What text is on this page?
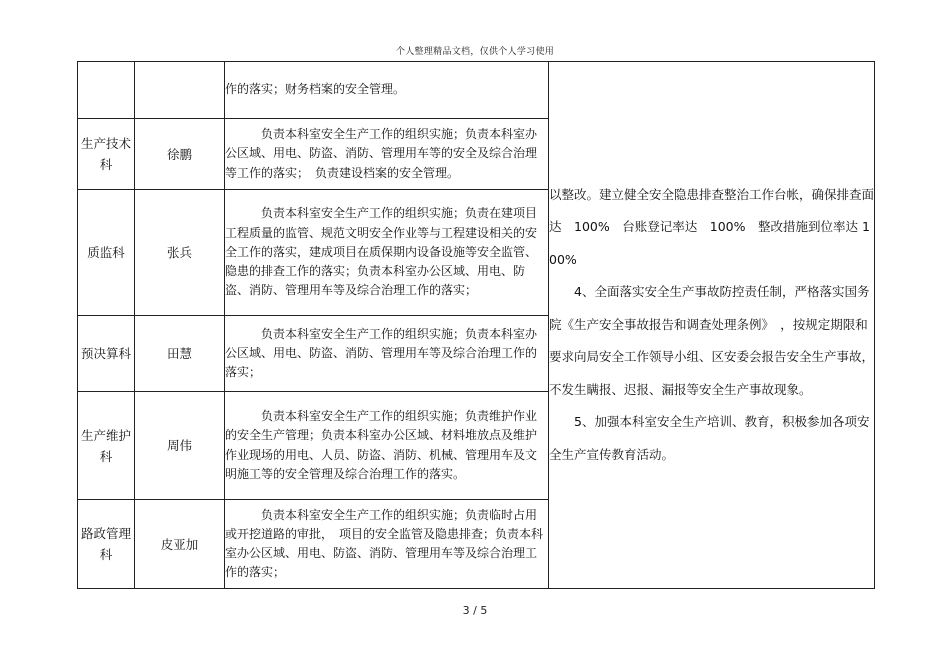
个人整理精品文档，仅供个人学习使用

		作的落实；财务档案的安全管理。	以整改。建立健全安全隐患排查整治工作台帐，确保排查面达　100%　台账登记率达　100%　整改措施到位率达 100%
4、全面落实安全生产事故防控责任制，严格落实国务院《生产安全事故报告和调查处理条例》　，按规定期限和要求向局安全工作领导小组、区安委会报告安全生产事故，不发生瞒报、迟报、漏报等安全生产事故现象。
5、加强本科室安全生产培训、教育，积极参加各项安全生产宣传教育活动。

生产技术科	徐鹏	负责本科室安全生产工作的组织实施；负责本科室办公区域、用电、防盗、消防、管理用车等的安全及综合治理等工作的落实；　负责建设档案的安全管理。	

质监科	张兵	负责本科室安全生产工作的组织实施；负责在建项目工程质量的监管、规范文明安全作业等与工程建设相关的安全工作的落实，建成项目在质保期内设备设施等安全监管、隐患的排查工作的落实；负责本科室办公区域、用电、防盗、消防、管理用车等及综合治理工作的落实；	

预决算科	田慧	负责本科室安全生产工作的组织实施；负责本科室办公区域、用电、防盗、消防、管理用车等及综合治理工作的落实；	

生产维护科	周伟	负责本科室安全生产工作的组织实施；负责维护作业的安全生产管理；负责本科室办公区域、材料堆放点及维护作业现场的用电、人员、防盗、消防、机械、管理用车及文明施工等的安全管理及综合治理工作的落实。	

路政管理科	皮亚加	负责本科室安全生产工作的组织实施；负责临时占用或开挖道路的审批，　项目的安全监管及隐患排查；负责本科室办公区域、用电、防盗、消防、管理用车等及综合治理工作的落实；	
3 / 5
